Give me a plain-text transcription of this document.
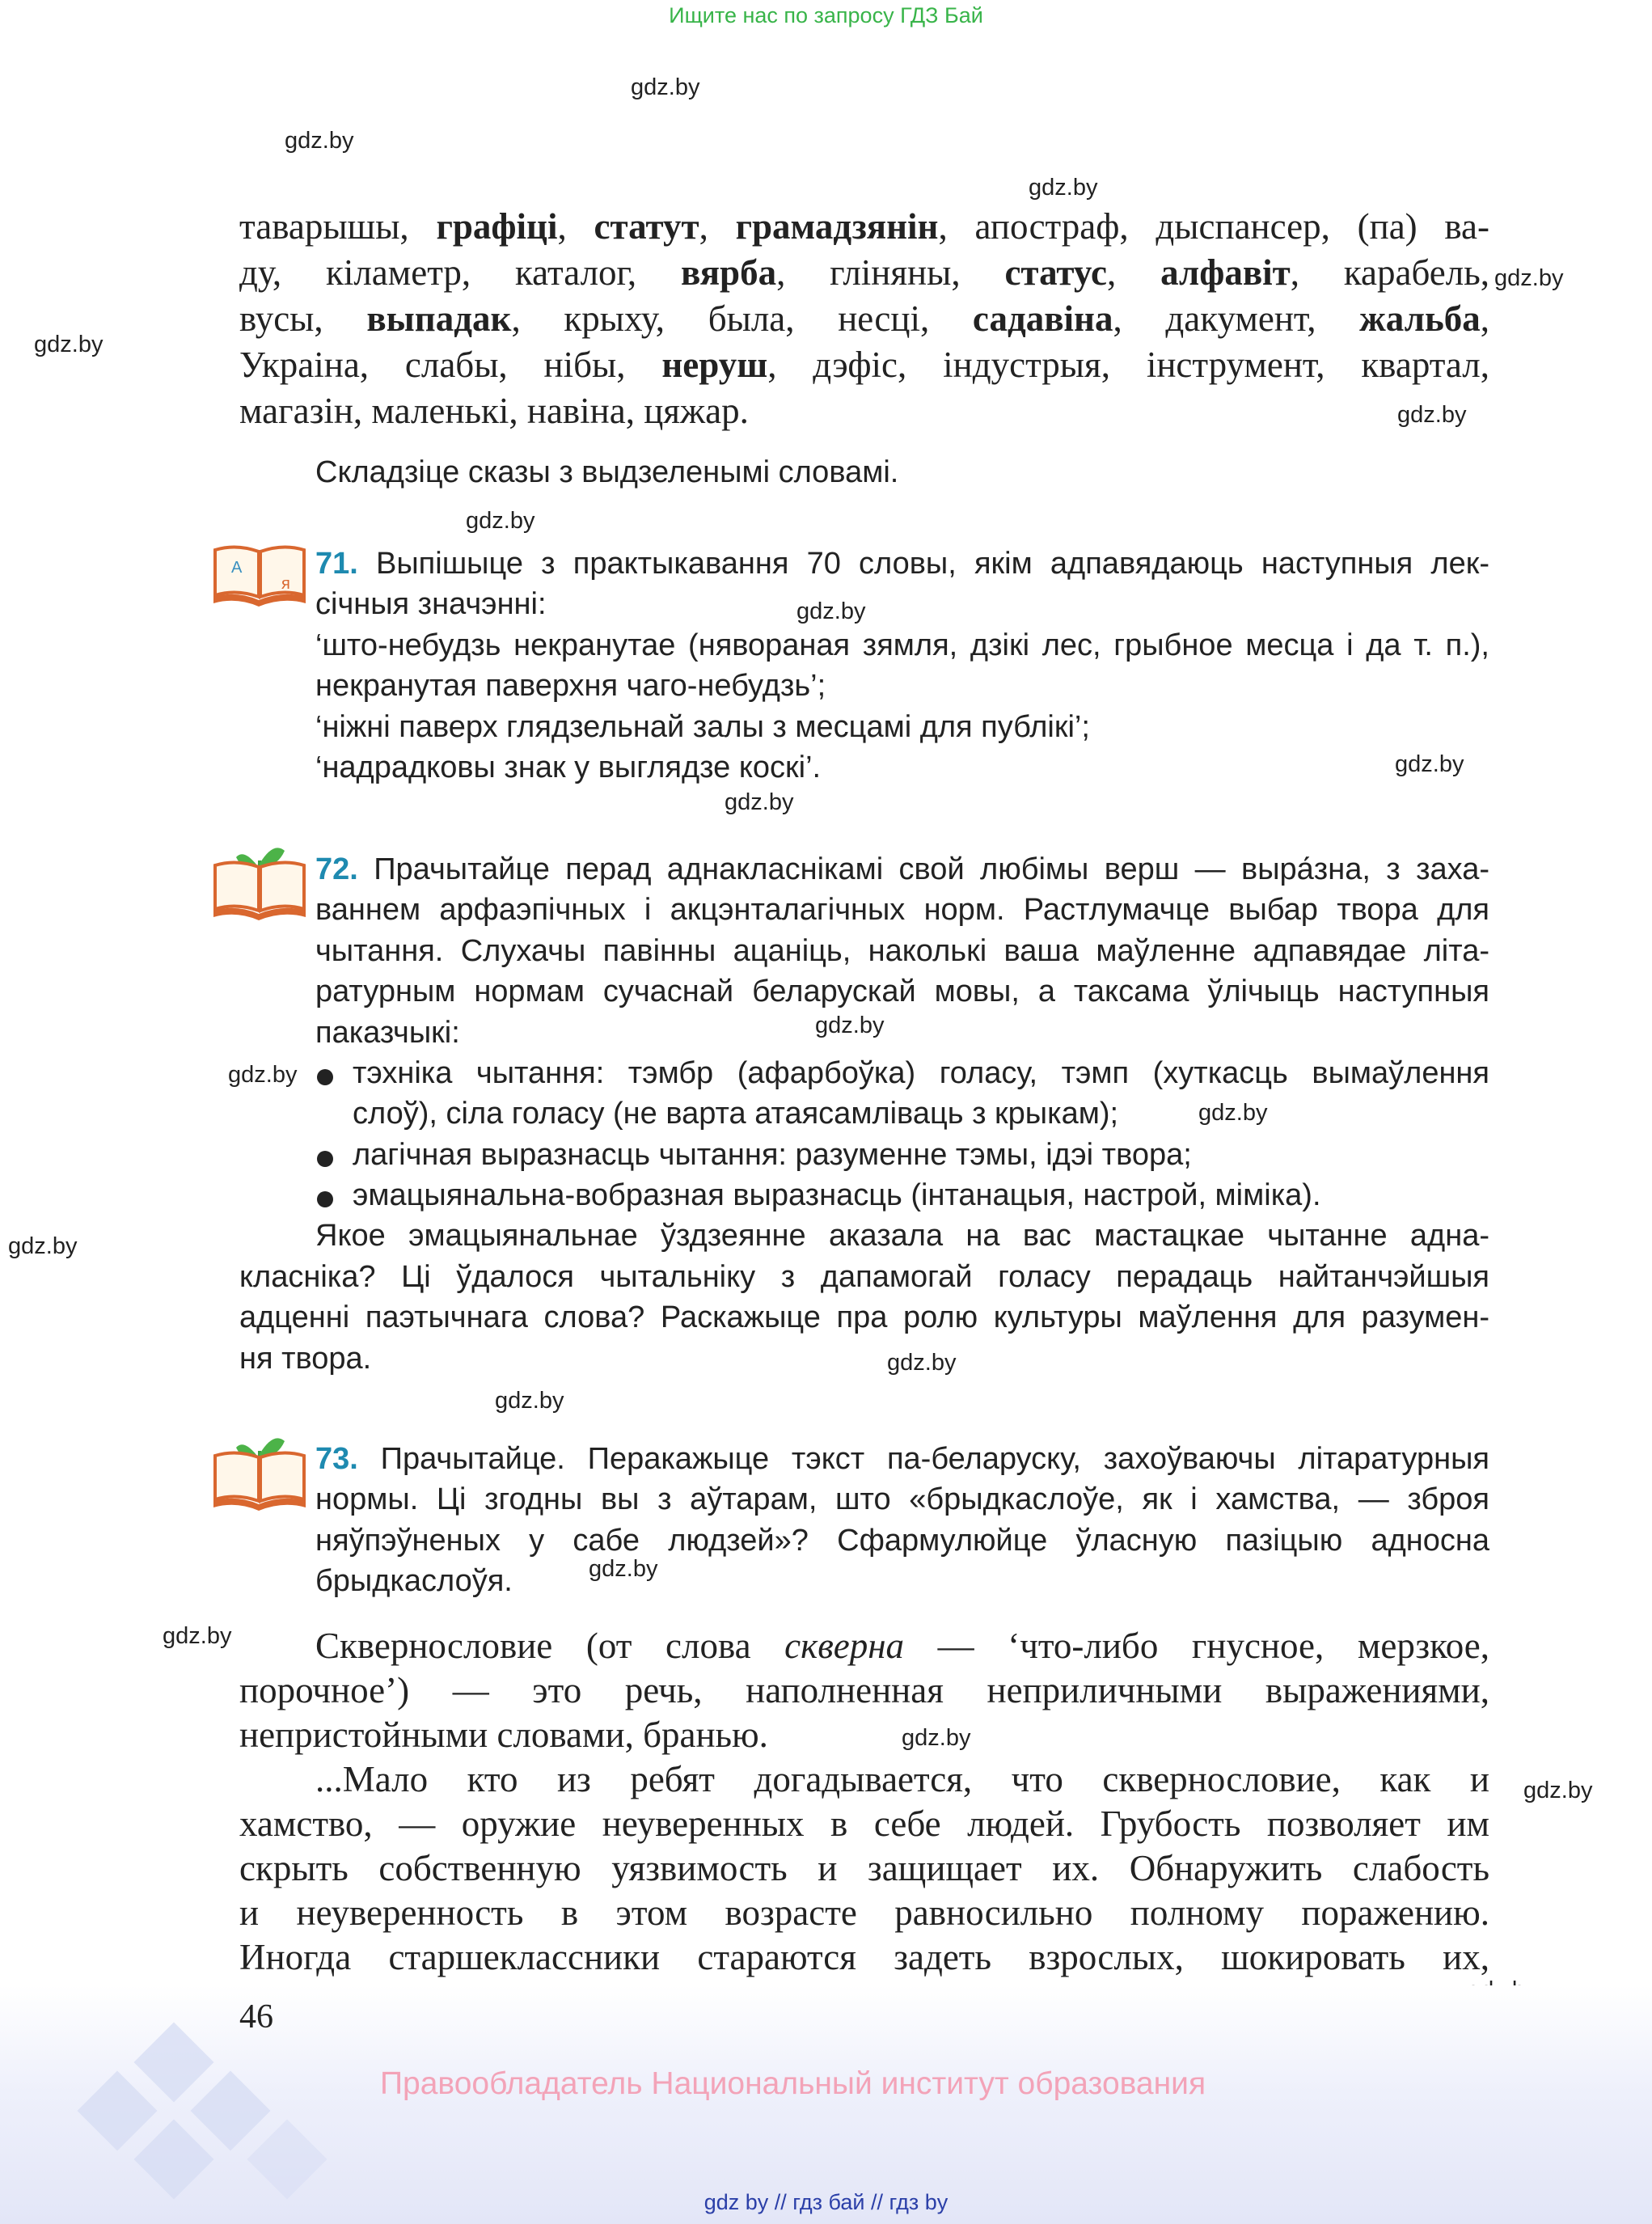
Ищите нас по запросу ГДЗ Бай
gdz.by
gdz.by
gdz.by
gdz.by
gdz.by
gdz.by
gdz.by
gdz.by
gdz.by
gdz.by
gdz.by
gdz.by
gdz.by
gdz.by
gdz.by
gdz.by
gdz.by
gdz.by
gdz.by
gdz.by
таварышы, графіці, статут, грамадзянін, апостраф, дыспансер, (па) ва-
ду, кіламетр, каталог, вярба, гліняны, статус, алфавіт, карабель,
вусы, выпадак, крыху, была, несці, садавіна, дакумент, жальба,
Украіна, слабы, нібы, неруш, дэфіс, індустрыя, інструмент, квартал,
магазін, маленькі, навіна, цяжар.
Складзіце сказы з выдзеленымі словамі.
А
я
71. Выпішыце з практыкавання 70 словы, якім адпавядаюць наступныя лек-
січныя значэнні:
‘што-небудзь некранутае (нявораная зямля, дзікі лес, грыбное месца і да т. п.),
некранутая паверхня чаго-небудзь’;
‘ніжні паверх глядзельнай залы з месцамі для публікі’;
‘надрадковы знак у выглядзе коскі’.
72. Прачытайце перад аднакласнікамі свой любімы верш — выра́зна, з заха-
ваннем арфаэпічных і акцэнталагічных норм. Растлумачце выбар твора для
чытання. Слухачы павінны ацаніць, наколькі ваша маўленне адпавядае літа-
ратурным нормам сучаснай беларускай мовы, а таксама ўлічыць наступныя
паказчыкі:
тэхніка чытання: тэмбр (афарбоўка) голасу, тэмп (хуткасць вымаўлення
слоў), сіла голасу (не варта атаясамліваць з крыкам);
лагічная выразнасць чытання: разуменне тэмы, ідэі твора;
эмацыянальна-вобразная выразнасць (інтанацыя, настрой, міміка).
Якое эмацыянальнае ўздзеянне аказала на вас мастацкае чытанне адна-
класніка? Ці ўдалося чытальніку з дапамогай голасу перадаць найтанчэйшыя
адценні паэтычнага слова? Раскажыце пра ролю культуры маўлення для разумен-
ня твора.
73. Прачытайце. Перакажыце тэкст па-беларуску, захоўваючы літаратурныя
нормы. Ці згодны вы з аўтарам, што «брыдкаслоўе, як і хамства, — зброя
няўпэўненых у сабе людзей»? Сфармулюйце ўласную пазіцыю адносна
брыдкаслоўя.
Сквернословие (от слова скверна — ‘что-либо гнусное, мерзкое,
порочное’) — это речь, наполненная неприличными выражениями,
непристойными словами, бранью.
...Мало кто из ребят догадывается, что сквернословие, как и
хамство, — оружие неуверенных в себе людей. Грубость позволяет им
скрыть собственную уязвимость и защищает их. Обнаружить слабость
и неуверенность в этом возрасте равносильно полному поражению.
Иногда старшеклассники стараются задеть взрослых, шокировать их,
46
Правообладатель Национальный институт образования
gdz by // гдз бай // гдз by
